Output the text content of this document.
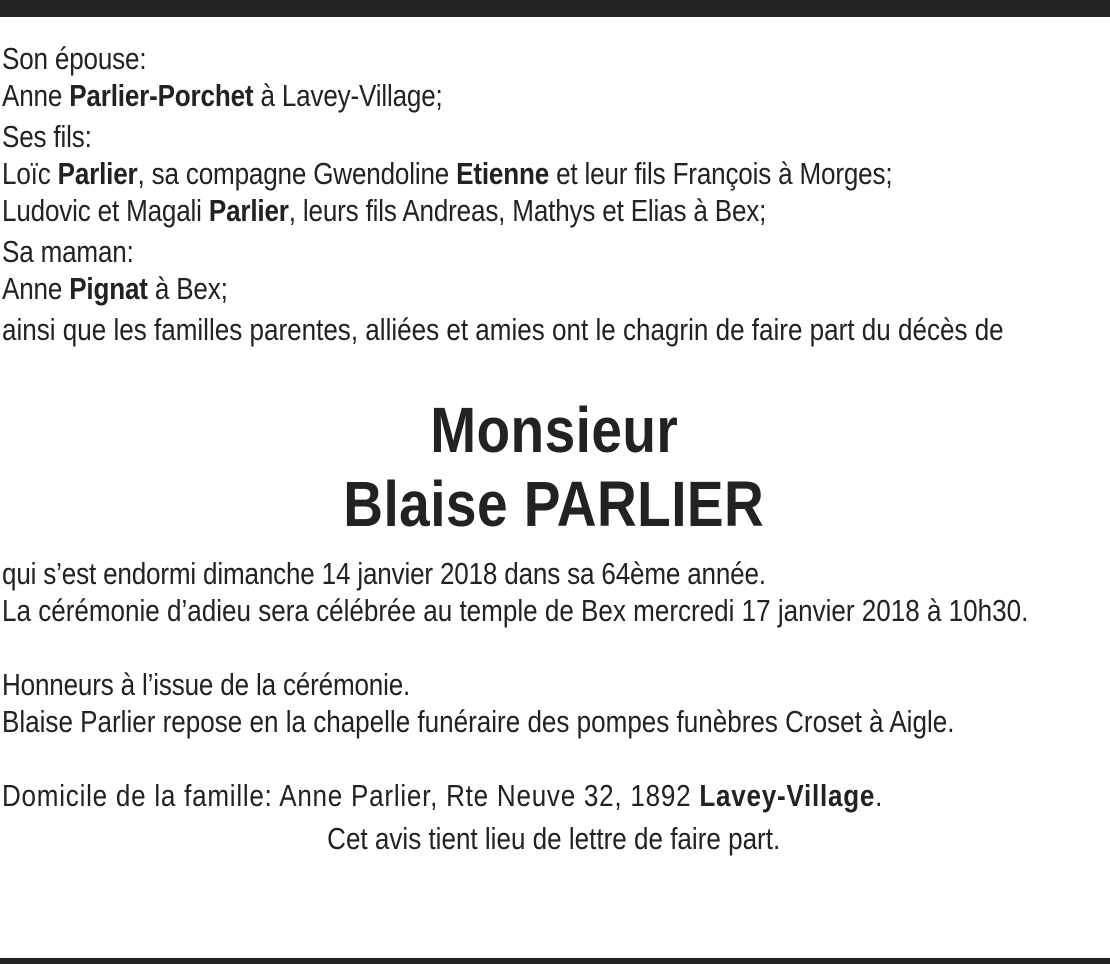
Son épouse:
Anne Parlier-Porchet à Lavey-Village;
Ses fils:
Loïc Parlier, sa compagne Gwendoline Etienne et leur fils François à Morges;
Ludovic et Magali Parlier, leurs fils Andreas, Mathys et Elias à Bex;
Sa maman:
Anne Pignat à Bex;

ainsi que les familles parentes, alliées et amies ont le chagrin de faire part du décès de

Monsieur
Blaise PARLIER
qui s’est endormi dimanche 14 janvier 2018 dans sa 64ème année.

La cérémonie d’adieu sera célébrée au temple de Bex mercredi 17 janvier 2018 à 10h30.

Honneurs à l’issue de la cérémonie.

Blaise Parlier repose en la chapelle funéraire des pompes funèbres Croset à Aigle.

Domicile de la famille: Anne Parlier, Rte Neuve 32, 1892 Lavey-Village.
Cet avis tient lieu de lettre de faire part.
